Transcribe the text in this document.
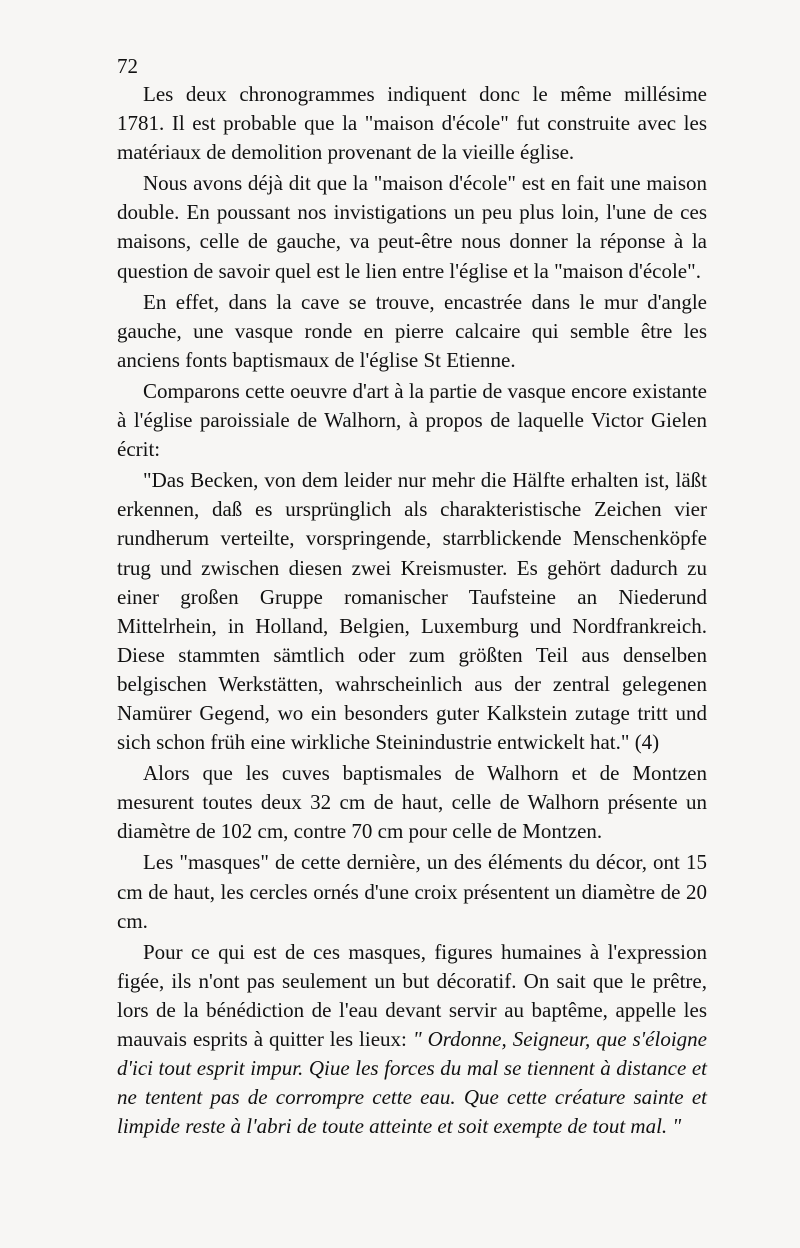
72

Les deux chronogrammes indiquent donc le même millésime 1781. Il est probable que la "maison d'école" fut construite avec les matériaux de demolition provenant de la vieille église.

Nous avons déjà dit que la "maison d'école" est en fait une maison double. En poussant nos invistigations un peu plus loin, l'une de ces maisons, celle de gauche, va peut-être nous donner la réponse à la question de savoir quel est le lien entre l'église et la "maison d'école".

En effet, dans la cave se trouve, encastrée dans le mur d'angle gauche, une vasque ronde en pierre calcaire qui semble être les anciens fonts baptismaux de l'église St Etienne.

Comparons cette oeuvre d'art à la partie de vasque encore existante à l'église paroissiale de Walhorn, à propos de laquelle Victor Gielen écrit:

"Das Becken, von dem leider nur mehr die Hälfte erhalten ist, läßt erkennen, daß es ursprünglich als charakteristische Zeichen vier rundherum verteilte, vorspringende, starrblickende Menschenköpfe trug und zwischen diesen zwei Kreismuster. Es gehört dadurch zu einer großen Gruppe romanischer Taufsteine an Niederund Mittelrhein, in Holland, Belgien, Luxemburg und Nordfrankreich. Diese stammten sämtlich oder zum größten Teil aus denselben belgischen Werkstätten, wahrscheinlich aus der zentral gelegenen Namürer Gegend, wo ein besonders guter Kalkstein zutage tritt und sich schon früh eine wirkliche Steinindustrie entwickelt hat." (4)

Alors que les cuves baptismales de Walhorn et de Montzen mesurent toutes deux 32 cm de haut, celle de Walhorn présente un diamètre de 102 cm, contre 70 cm pour celle de Montzen.

Les "masques" de cette dernière, un des éléments du décor, ont 15 cm de haut, les cercles ornés d'une croix présentent un diamètre de 20 cm.

Pour ce qui est de ces masques, figures humaines à l'expression figée, ils n'ont pas seulement un but décoratif. On sait que le prêtre, lors de la bénédiction de l'eau devant servir au baptême, appelle les mauvais esprits à quitter les lieux: " Ordonne, Seigneur, que s'éloigne d'ici tout esprit impur. Qiue les forces du mal se tiennent à distance et ne tentent pas de corrompre cette eau. Que cette créature sainte et limpide reste à l'abri de toute atteinte et soit exempte de tout mal. "
